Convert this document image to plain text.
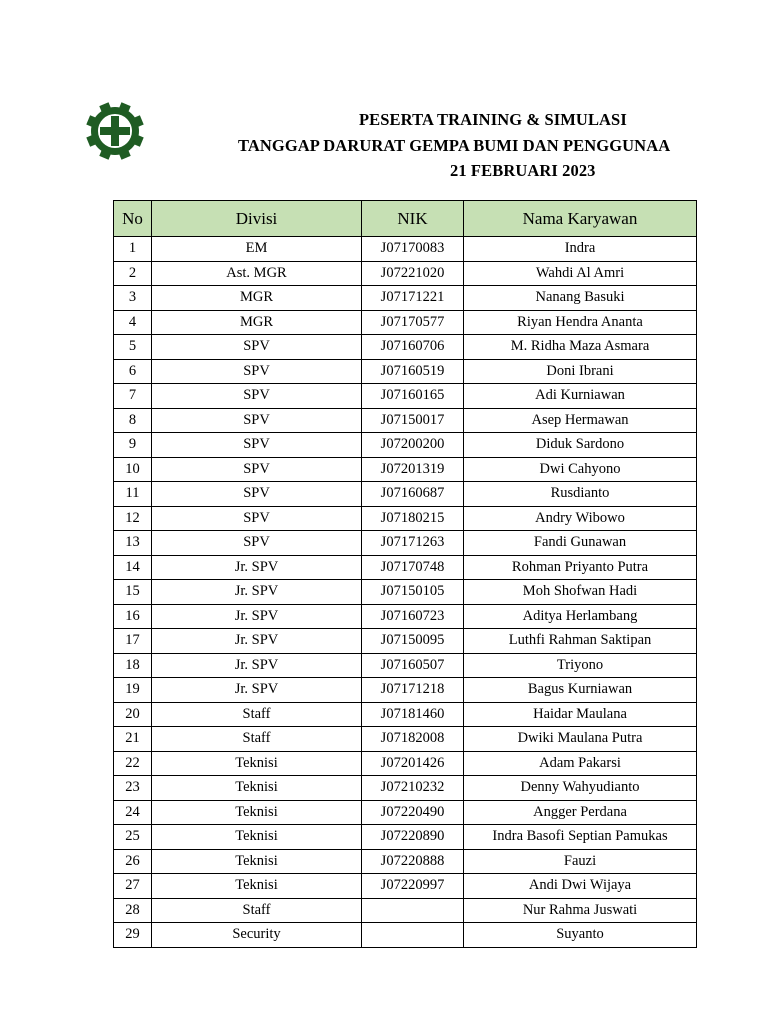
PESERTA TRAINING & SIMULASI
TANGGAP DARURAT GEMPA BUMI DAN PENGGUNAA
21 FEBRUARI 2023
No	Divisi	NIK	Nama Karyawan
1	EM	J07170083	Indra
2	Ast. MGR	J07221020	Wahdi Al Amri
3	MGR	J07171221	Nanang Basuki
4	MGR	J07170577	Riyan Hendra Ananta
5	SPV	J07160706	M. Ridha Maza Asmara
6	SPV	J07160519	Doni Ibrani
7	SPV	J07160165	Adi Kurniawan
8	SPV	J07150017	Asep Hermawan
9	SPV	J07200200	Diduk Sardono
10	SPV	J07201319	Dwi Cahyono
11	SPV	J07160687	Rusdianto
12	SPV	J07180215	Andry Wibowo
13	SPV	J07171263	Fandi Gunawan
14	Jr. SPV	J07170748	Rohman Priyanto Putra
15	Jr. SPV	J07150105	Moh Shofwan Hadi
16	Jr. SPV	J07160723	Aditya Herlambang
17	Jr. SPV	J07150095	Luthfi Rahman Saktipan
18	Jr. SPV	J07160507	Triyono
19	Jr. SPV	J07171218	Bagus Kurniawan
20	Staff	J07181460	Haidar Maulana
21	Staff	J07182008	Dwiki Maulana Putra
22	Teknisi	J07201426	Adam Pakarsi
23	Teknisi	J07210232	Denny Wahyudianto
24	Teknisi	J07220490	Angger Perdana
25	Teknisi	J07220890	Indra Basofi Septian Pamukas
26	Teknisi	J07220888	Fauzi
27	Teknisi	J07220997	Andi Dwi Wijaya
28	Staff		Nur Rahma Juswati
29	Security		Suyanto
